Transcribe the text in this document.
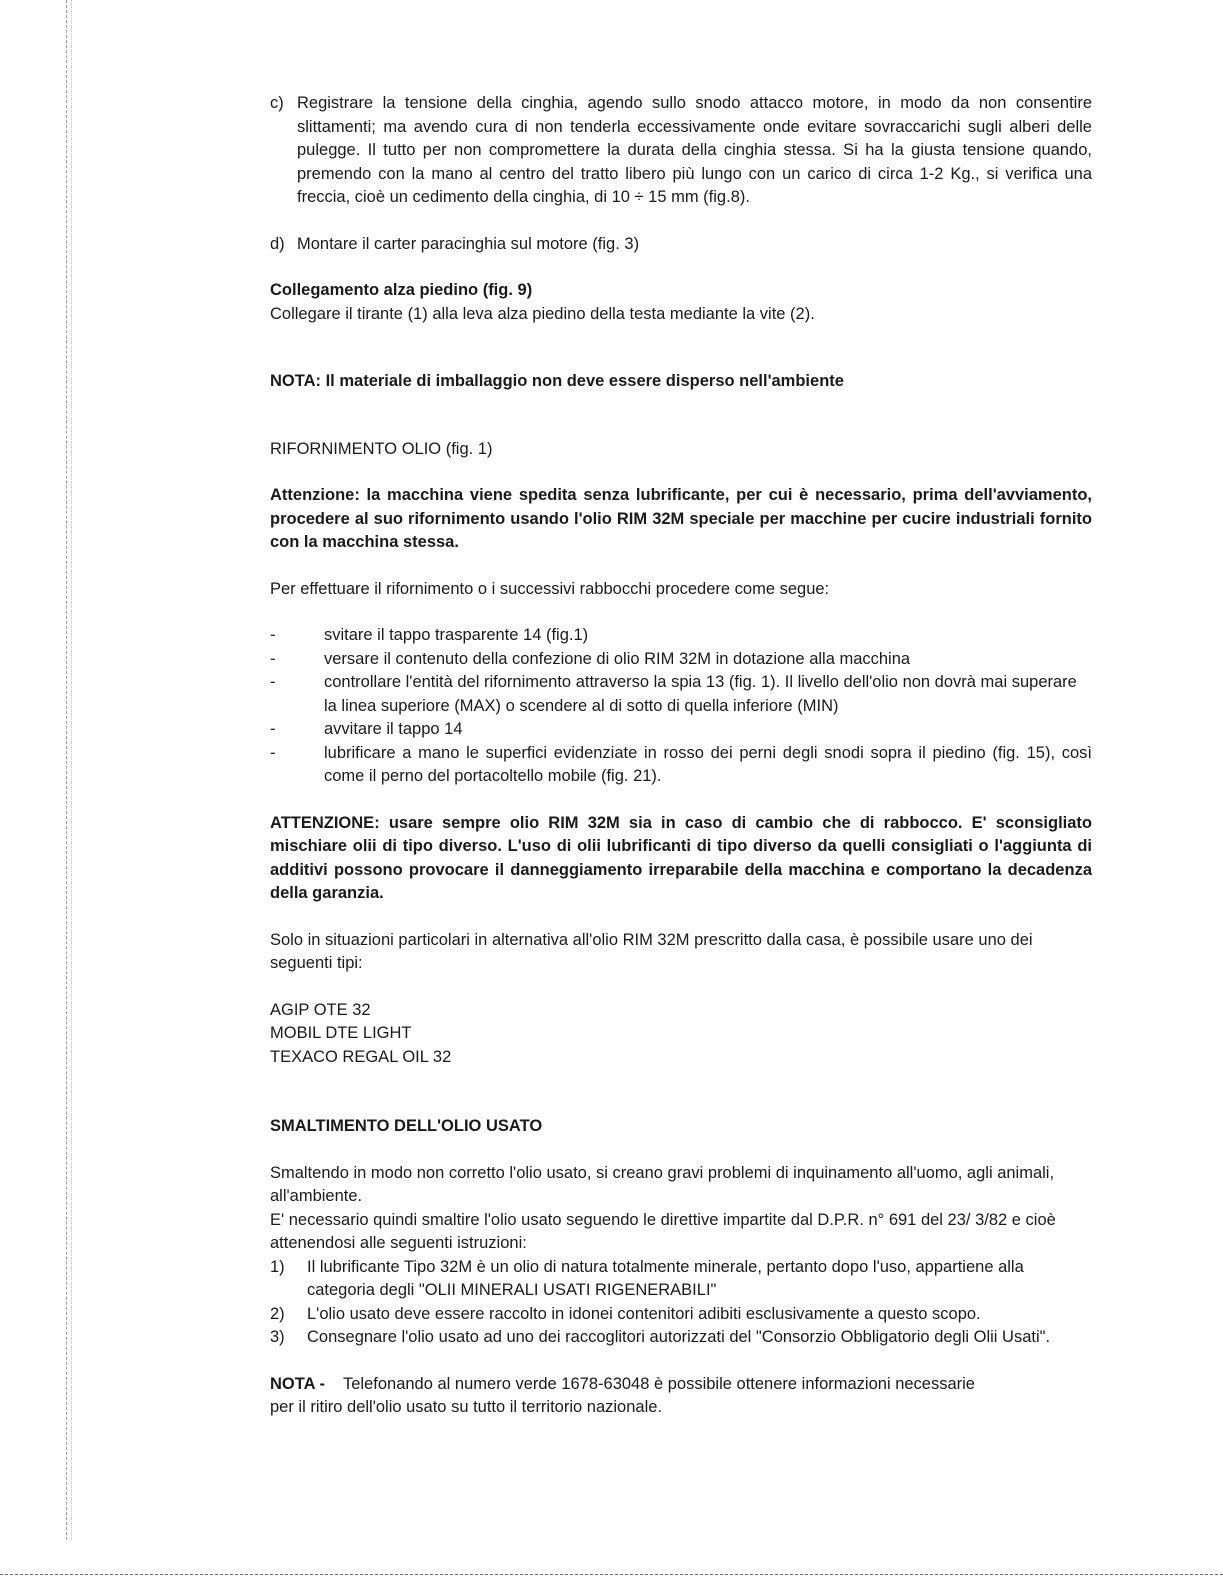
c) Registrare la tensione della cinghia, agendo sullo snodo attacco motore, in modo da non consentire slittamenti; ma avendo cura di non tenderla eccessivamente onde evitare sovraccarichi sugli alberi delle pulegge. Il tutto per non compromettere la durata della cinghia stessa. Si ha la giusta tensione quando, premendo con la mano al centro del tratto libero più lungo con un carico di circa 1-2 Kg., si verifica una freccia, cioè un cedimento della cinghia, di 10 ÷ 15 mm (fig.8).
d) Montare il carter paracinghia sul motore (fig. 3)

Collegamento alza piedino (fig. 9)

Collegare il tirante (1) alla leva alza piedino della testa mediante la vite (2).

NOTA: Il materiale di imballaggio non deve essere disperso nell'ambiente

RIFORNIMENTO OLIO (fig. 1)

Attenzione: la macchina viene spedita senza lubrificante, per cui è necessario, prima dell'avviamento, procedere al suo rifornimento usando l'olio RIM 32M speciale per macchine per cucire industriali fornito con la macchina stessa.

Per effettuare il rifornimento o i successivi rabbocchi procedere come segue:

-	svitare il tappo trasparente 14 (fig.1)
-	versare il contenuto della confezione di olio RIM 32M in dotazione alla macchina
-	controllare l'entità del rifornimento attraverso la spia 13 (fig. 1). Il livello dell'olio non dovrà mai superare la linea superiore (MAX) o scendere al di sotto di quella inferiore (MIN)
-	avvitare il tappo 14
-	lubrificare a mano le superfici evidenziate in rosso dei perni degli snodi sopra il piedino (fig. 15), così come il perno del portacoltello mobile (fig. 21).

ATTENZIONE: usare sempre olio RIM 32M sia in caso di cambio che di rabbocco. E' sconsigliato mischiare olii di tipo diverso. L'uso di olii lubrificanti di tipo diverso da quelli consigliati o l'aggiunta di additivi possono provocare il danneggiamento irreparabile della macchina e comportano la decadenza della garanzia.

Solo in situazioni particolari in alternativa all'olio RIM 32M prescritto dalla casa, è possibile usare uno dei seguenti tipi:

AGIP OTE 32

MOBIL DTE LIGHT

TEXACO REGAL OIL 32

SMALTIMENTO DELL'OLIO USATO

Smaltendo in modo non corretto l'olio usato, si creano gravi problemi di inquinamento all'uomo, agli animali, all'ambiente.

E' necessario quindi smaltire l'olio usato seguendo le direttive impartite dal D.P.R. n° 691 del 23/ 3/82 e cioè attenendosi alle seguenti istruzioni:

1)	Il lubrificante Tipo 32M è un olio di natura totalmente minerale, pertanto dopo l'uso, appartiene alla categoria degli "OLII MINERALI USATI RIGENERABILI"
2)	L'olio usato deve essere raccolto in idonei contenitori adibiti esclusivamente a questo scopo.
3)	Consegnare l'olio usato ad uno dei raccoglitori autorizzati del "Consorzio Obbligatorio degli Olii Usati".
NOTA -	Telefonando al numero verde 1678-63048 è possibile ottenere informazioni necessarie

per il ritiro dell'olio usato su tutto il territorio nazionale.
